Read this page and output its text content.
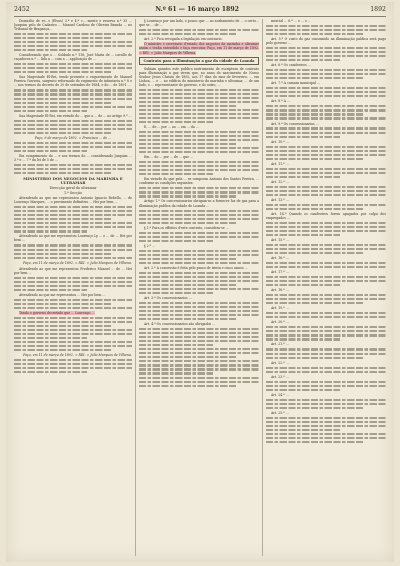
2452	N.º 61 — 16 março 1892	1892

Domicilio de ve...s (Elvas) 3.ª e 4.ª c... mente e reserva n.º 35 ... Joaquim pelo de Cadastro ... Manuel Cardoso de Oliveira Brando ... no Tribunal de Bragança...

Considerando que o ... Soldado n.º 116, José Maria de ... cavallo de caçadores n.º ... lida a ... com a ... applicação de ...

Sua Magestade El-Rei, tendo presente o requerimento de Manuel Pereira Gouveia, sargento reformado do regimento de infantaria n.º 8 e ... nos termos do decreto de 20 de setembro de 1884, e do ... de 1891 ...

Sua Magestade El-Rei, em virtude do ... que a ... de ... no artigo 9.º ...

Paço, 9 de março de 1892. = Francisco ... de ...

Em cumprimento do ... e nos termos do ... considerando Joaquim ... 3.º e ... 7.º da lei de 5 de ...

MINISTERIO DOS NEGOCIOS DA MARINHA E ULTRAMAR
Direcção geral do ultramar
1.ª Secção

Attendendo ao que me representou Antonio Ignacio Rebello, ... de Lourenço Marques, ... o provimento definitivo ... Hei por bem ...

Attendendo ao que me representou Lourenço Ly ... e ... de ... Hei por bem ...

Paço, em 11 de março de 1892. = REI. = Julio Marques de Vilhena.

Attendendo ao que me representou Frederico Manuel ... de ... Hei por bem ...

Attendendo ao que me representou ... Hei por bem ...

Tendo o governo decretado que ... Lourenço ...

Paço, em 11 de março de 1892. = REI. = Julio Marques de Vilhena.

§ Lourenço por um lado, o pouco que ... ao acabamento de ... o certo... que se ... de ...

Art. 2.º Fica revogada a legislação em contrario.

O ministro e secretario d'estado dos negocios da marinha e ultramar assim o tenha entendido e faça executar. Paço, em 11 de março de 1892. = REI. = Julio Marques de Vilhena.

Contrato para a illuminação a gaz da cidade de Loanda

Sabiam quantos este publico instrumento de escriptura de contrato para illuminação a gaz virem que, no anno do nascimento de Nosso Senhor Jesus Christo de 1892, aos 17 dias do mez de fevereiro, ... em Lisboa, ... e ... no edificio do ministerio da marinha e ultramar, ... de um lado, o ... representante do governo, e do outro, ...

E, ... de ... por ... ao ... em ... da ...

Em ... do ... por ... de ... que ...

Em virtude do que pela ... se compoem Antonio dos Santos Pereira, ... conforme as condições seguintes:

Artigo 1.º Os concessionarios obrigam-se a fornecer luz de gaz para a illuminação publica da cidade de Loanda ...

§ 1.º Para os effeitos d'este contrato, considera-se ...

§ 2.º ...

Art. 2.º A concessão é feita pelo praso de trinta e cinco annos ...

Art. 3.º Os concessionarios ...

Art. 4.º Os concessionarios são obrigados ...

mercial ... 6.º ... o ... o ...

Art. 5.º O custo do gaz consumido na illuminação publica será pago pelo governo ...

Art. 6.º Os candeeiros ...

Art. 7.º A camara municipal ...

Art. 8.º A ...

Art. 9.º Os concessionarios ...

Art. 10.º ...

Art. 11.º ...

Art. 12.º ...

Art. 13.º ...

Art. 14.º Quando os candeeiros forem apagados por culpa dos empregados ...

Art. 15.º ...

Art. 16.º ...

Art. 17.º ...

Art. 18.º ...

Art. 19.º ...

Art. 20.º ...

Art. 21.º ...

Art. 22.º ...

Art. 23.º ...

Art. 24.º ...

Art. 25.º ...
